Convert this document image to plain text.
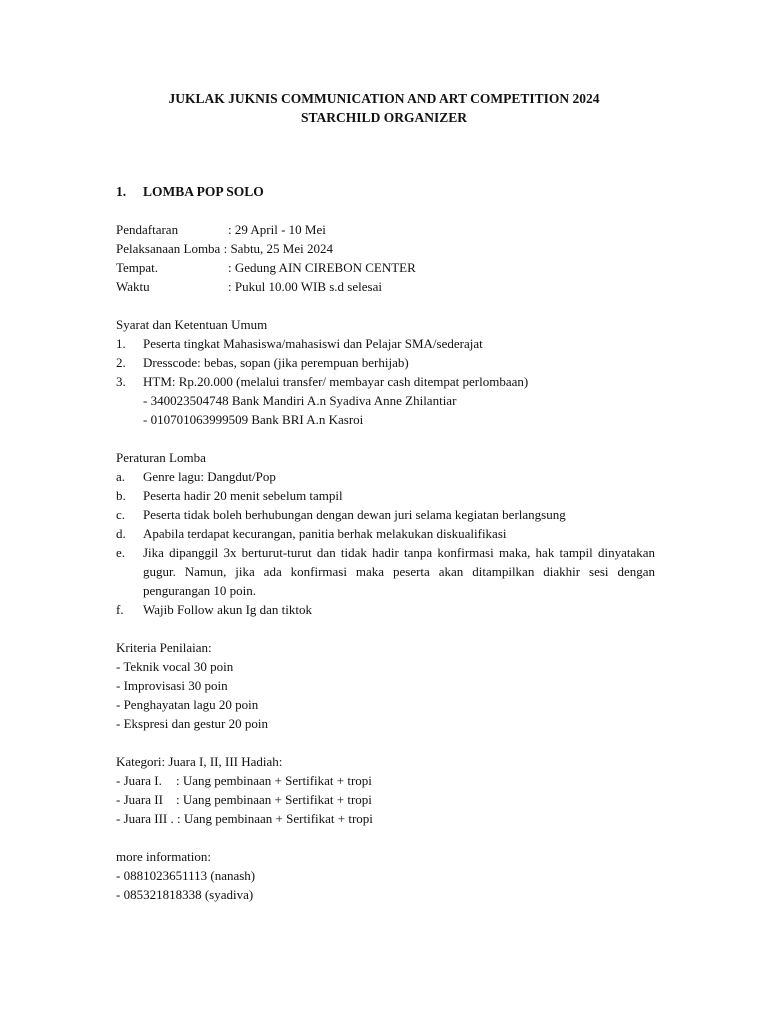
JUKLAK JUKNIS COMMUNICATION AND ART COMPETITION 2024
STARCHILD ORGANIZER
1. LOMBA POP SOLO
Pendaftaran	: 29 April - 10 Mei
Pelaksanaan Lomba : Sabtu, 25 Mei 2024
Tempat.	: Gedung AIN CIREBON CENTER
Waktu	: Pukul 10.00 WIB s.d selesai
Syarat dan Ketentuan Umum
1. Peserta tingkat Mahasiswa/mahasiswi dan Pelajar SMA/sederajat
2. Dresscode: bebas, sopan (jika perempuan berhijab)
3. HTM: Rp.20.000 (melalui transfer/ membayar cash ditempat perlombaan)
- 340023504748 Bank Mandiri A.n Syadiva Anne Zhilantiar
- 010701063999509 Bank BRI A.n Kasroi
Peraturan Lomba
a. Genre lagu: Dangdut/Pop
b. Peserta hadir 20 menit sebelum tampil
c. Peserta tidak boleh berhubungan dengan dewan juri selama kegiatan berlangsung
d. Apabila terdapat kecurangan, panitia berhak melakukan diskualifikasi
e. Jika dipanggil 3x berturut-turut dan tidak hadir tanpa konfirmasi maka, hak tampil dinyatakan gugur. Namun, jika ada konfirmasi maka peserta akan ditampilkan diakhir sesi dengan pengurangan 10 poin.
f. Wajib Follow akun Ig dan tiktok
Kriteria Penilaian:
- Teknik vocal 30 poin
- Improvisasi 30 poin
- Penghayatan lagu 20 poin
- Ekspresi dan gestur 20 poin
Kategori: Juara I, II, III Hadiah:
- Juara I. : Uang pembinaan + Sertifikat + tropi
- Juara II : Uang pembinaan + Sertifikat + tropi
- Juara III . : Uang pembinaan + Sertifikat + tropi
more information:
- 0881023651113 (nanash)
- 085321818338 (syadiva)
